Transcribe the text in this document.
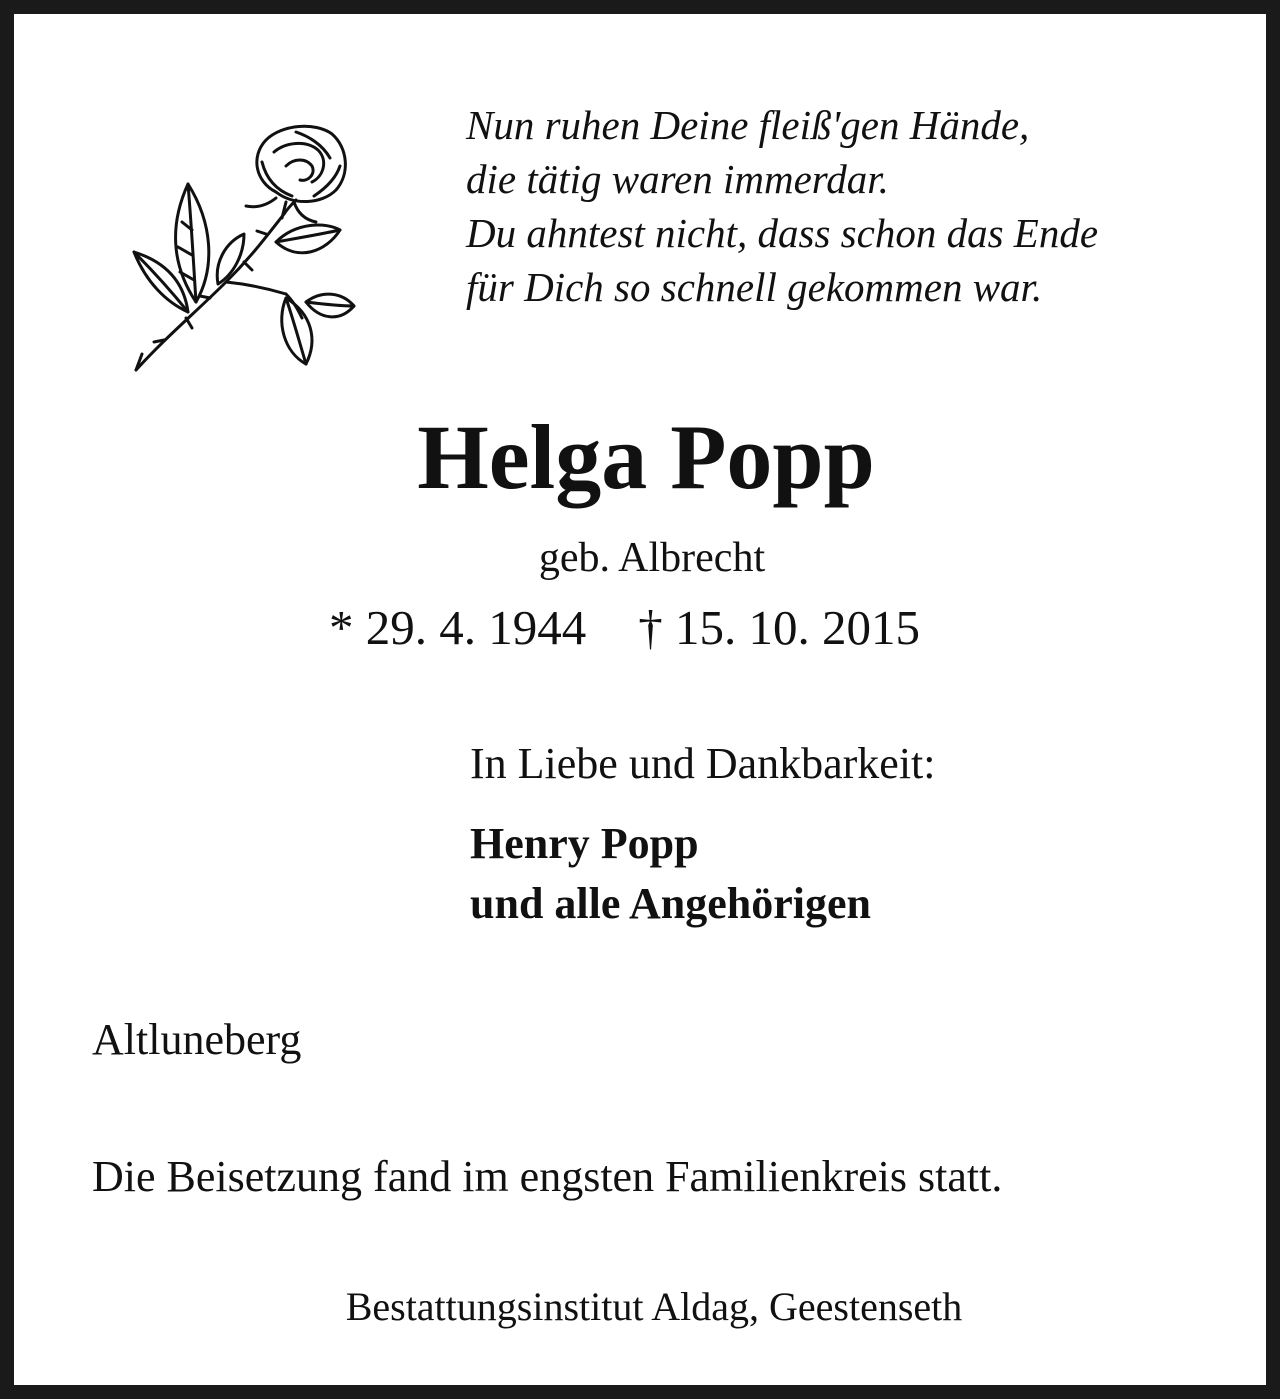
Nun ruhen Deine fleiß'gen Hände,
die tätig waren immerdar.
Du ahntest nicht, dass schon das Ende
für Dich so schnell gekommen war.
Helga Popp
geb. Albrecht
* 29. 4. 1944 † 15. 10. 2015
In Liebe und Dankbarkeit:
Henry Popp
und alle Angehörigen
Altluneberg
Die Beisetzung fand im engsten Familienkreis statt.
Bestattungsinstitut Aldag, Geestenseth
